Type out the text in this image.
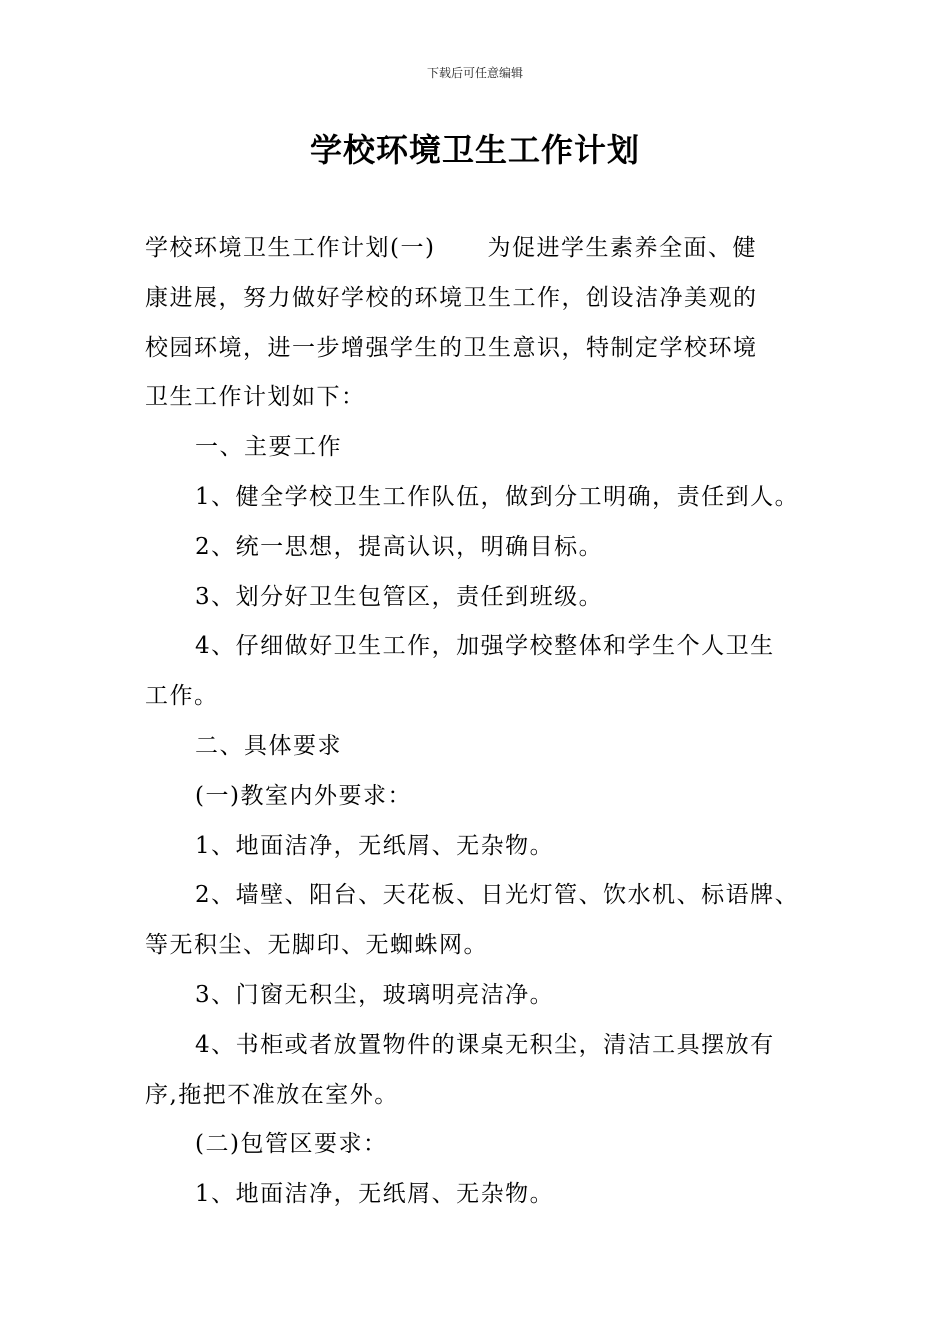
下载后可任意编辑
学校环境卫生工作计划

学校环境卫生工作计划(一) 为促进学生素养全面、健

康进展，努力做好学校的环境卫生工作，创设洁净美观的

校园环境，进一步增强学生的卫生意识，特制定学校环境

卫生工作计划如下：

一、主要工作

1、健全学校卫生工作队伍，做到分工明确，责任到人。

2、统一思想，提高认识，明确目标。

3、划分好卫生包管区，责任到班级。

4、仔细做好卫生工作，加强学校整体和学生个人卫生

工作。

二、具体要求

(一)教室内外要求：

1、地面洁净，无纸屑、无杂物。

2、墙壁、阳台、天花板、日光灯管、饮水机、标语牌、

等无积尘、无脚印、无蜘蛛网。

3、门窗无积尘，玻璃明亮洁净。

4、书柜或者放置物件的课桌无积尘，清洁工具摆放有

序,拖把不准放在室外。

(二)包管区要求：

1、地面洁净，无纸屑、无杂物。
